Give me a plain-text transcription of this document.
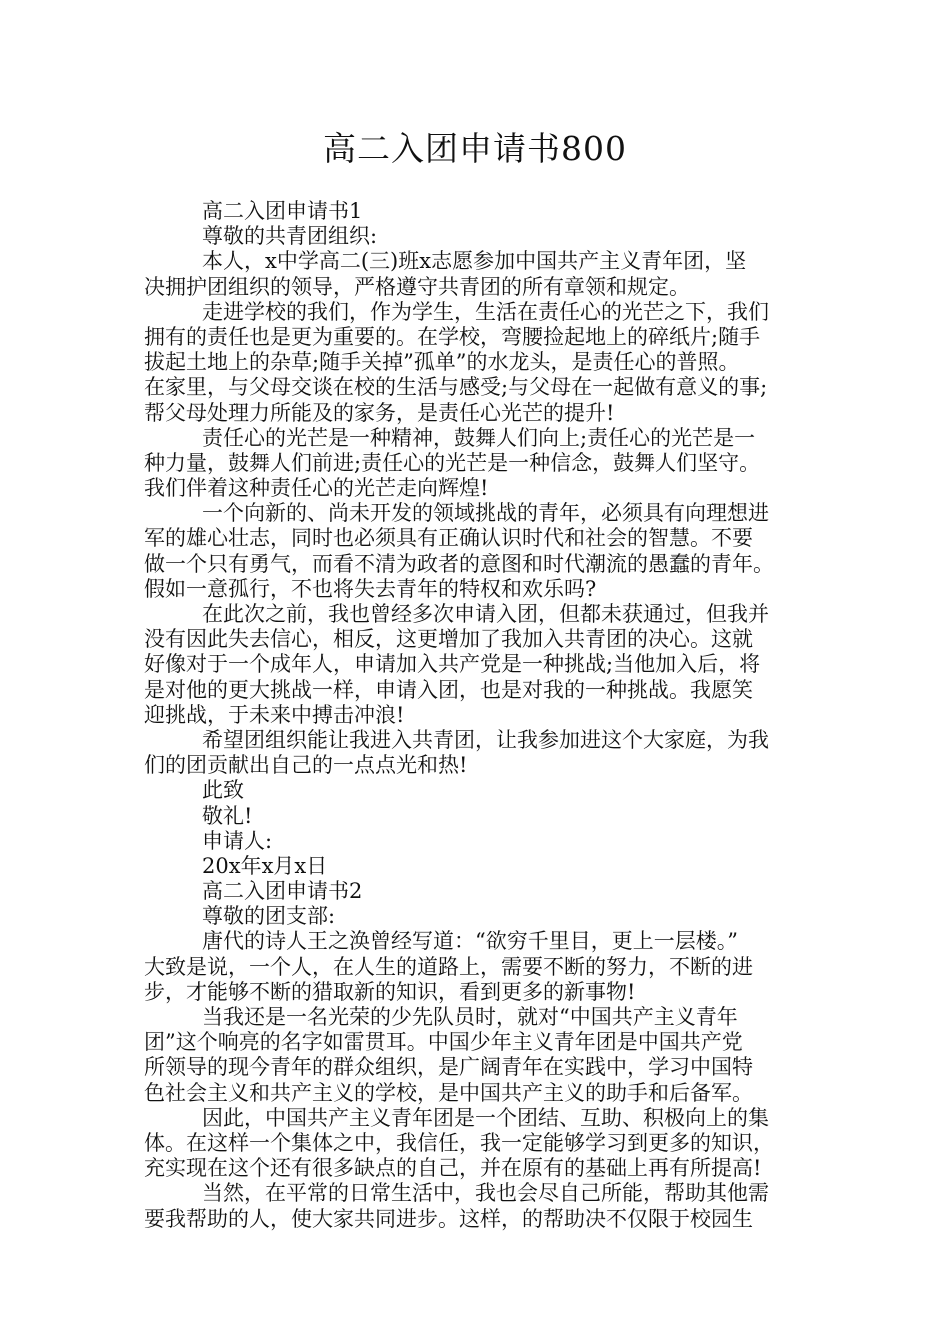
高二入团申请书800
高二入团申请书1
尊敬的共青团组织:
本人，x中学高二(三)班x志愿参加中国共产主义青年团，坚
决拥护团组织的领导，严格遵守共青团的所有章领和规定。
走进学校的我们，作为学生，生活在责任心的光芒之下，我们
拥有的责任也是更为重要的。在学校，弯腰捡起地上的碎纸片;随手
拔起土地上的杂草;随手关掉”孤单”的水龙头，是责任心的普照。
在家里，与父母交谈在校的生活与感受;与父母在一起做有意义的事;
帮父母处理力所能及的家务，是责任心光芒的提升!
责任心的光芒是一种精神，鼓舞人们向上;责任心的光芒是一
种力量，鼓舞人们前进;责任心的光芒是一种信念，鼓舞人们坚守。
我们伴着这种责任心的光芒走向辉煌!
一个向新的、尚未开发的领域挑战的青年，必须具有向理想进
军的雄心壮志，同时也必须具有正确认识时代和社会的智慧。不要
做一个只有勇气，而看不清为政者的意图和时代潮流的愚蠢的青年。
假如一意孤行，不也将失去青年的特权和欢乐吗?
在此次之前，我也曾经多次申请入团，但都未获通过，但我并
没有因此失去信心，相反，这更增加了我加入共青团的决心。这就
好像对于一个成年人，申请加入共产党是一种挑战;当他加入后，将
是对他的更大挑战一样，申请入团，也是对我的一种挑战。我愿笑
迎挑战，于未来中搏击冲浪!
希望团组织能让我进入共青团，让我参加进这个大家庭，为我
们的团贡献出自己的一点点光和热!
此致
敬礼!
申请人:
20x年x月x日
高二入团申请书2
尊敬的团支部:
唐代的诗人王之涣曾经写道：“欲穷千里目，更上一层楼。”
大致是说，一个人，在人生的道路上，需要不断的努力，不断的进
步，才能够不断的猎取新的知识，看到更多的新事物!
当我还是一名光荣的少先队员时，就对“中国共产主义青年
团”这个响亮的名字如雷贯耳。中国少年主义青年团是中国共产党
所领导的现今青年的群众组织，是广阔青年在实践中，学习中国特
色社会主义和共产主义的学校，是中国共产主义的助手和后备军。
因此，中国共产主义青年团是一个团结、互助、积极向上的集
体。在这样一个集体之中，我信任，我一定能够学习到更多的知识，
充实现在这个还有很多缺点的自己，并在原有的基础上再有所提高!
当然，在平常的日常生活中，我也会尽自己所能，帮助其他需
要我帮助的人，使大家共同进步。这样，的帮助决不仅限于校园生
